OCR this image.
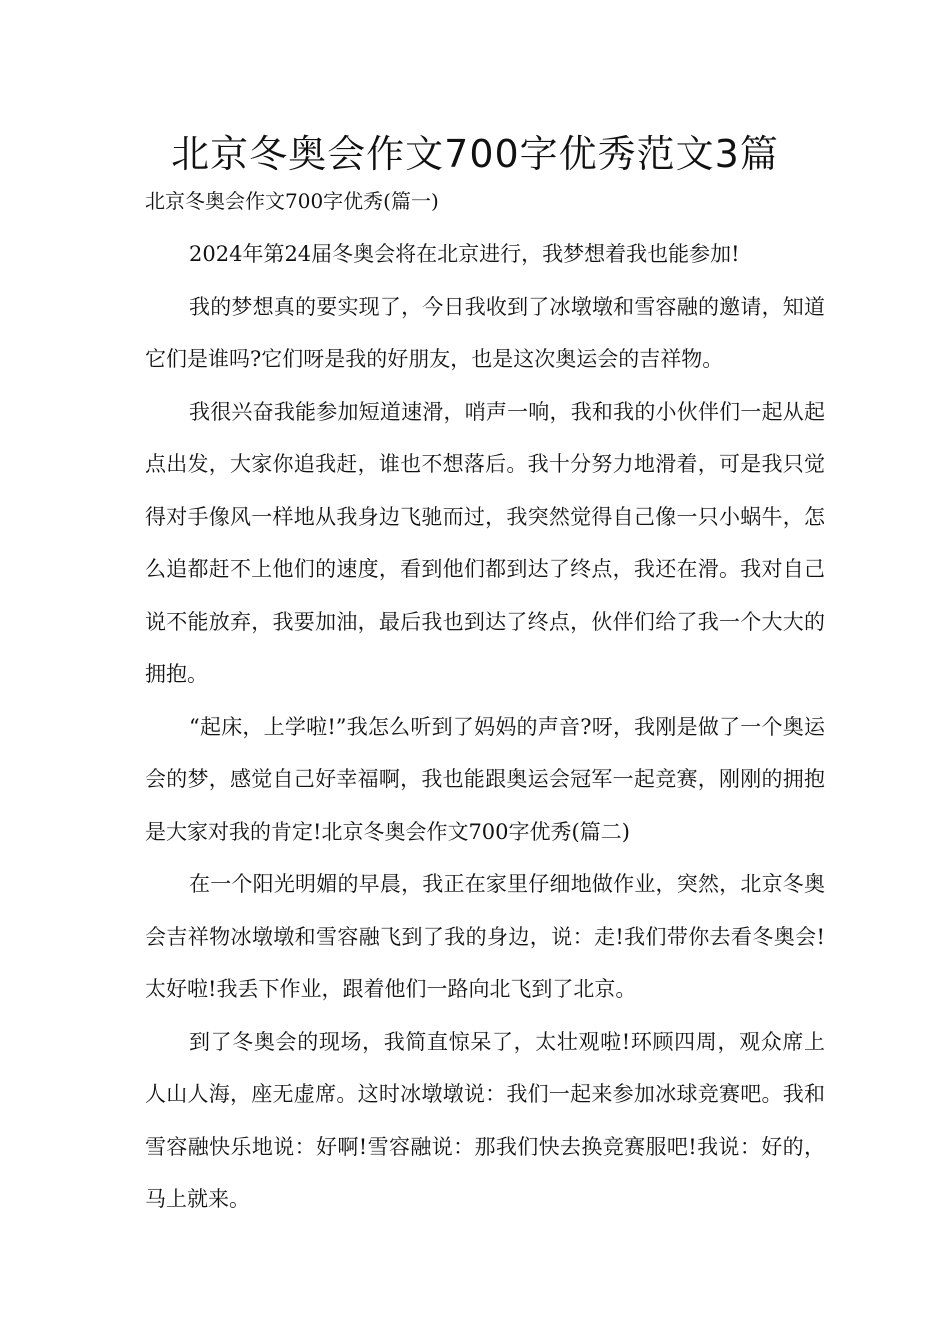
北京冬奥会作文700字优秀范文3篇

北京冬奥会作文700字优秀(篇一)

2024年第24届冬奥会将在北京进行，我梦想着我也能参加!

我的梦想真的要实现了，今日我收到了冰墩墩和雪容融的邀请，知道它们是谁吗?它们呀是我的好朋友，也是这次奥运会的吉祥物。

我很兴奋我能参加短道速滑，哨声一响，我和我的小伙伴们一起从起点出发，大家你追我赶，谁也不想落后。我十分努力地滑着，可是我只觉得对手像风一样地从我身边飞驰而过，我突然觉得自己像一只小蜗牛，怎么追都赶不上他们的速度，看到他们都到达了终点，我还在滑。我对自己说不能放弃，我要加油，最后我也到达了终点，伙伴们给了我一个大大的拥抱。

“起床，上学啦!”我怎么听到了妈妈的声音?呀，我刚是做了一个奥运会的梦，感觉自己好幸福啊，我也能跟奥运会冠军一起竞赛，刚刚的拥抱是大家对我的肯定!北京冬奥会作文700字优秀(篇二)

在一个阳光明媚的早晨，我正在家里仔细地做作业，突然，北京冬奥会吉祥物冰墩墩和雪容融飞到了我的身边，说：走!我们带你去看冬奥会!太好啦!我丢下作业，跟着他们一路向北飞到了北京。

到了冬奥会的现场，我简直惊呆了，太壮观啦!环顾四周，观众席上人山人海，座无虚席。这时冰墩墩说：我们一起来参加冰球竞赛吧。我和雪容融快乐地说：好啊!雪容融说：那我们快去换竞赛服吧!我说：好的，马上就来。
